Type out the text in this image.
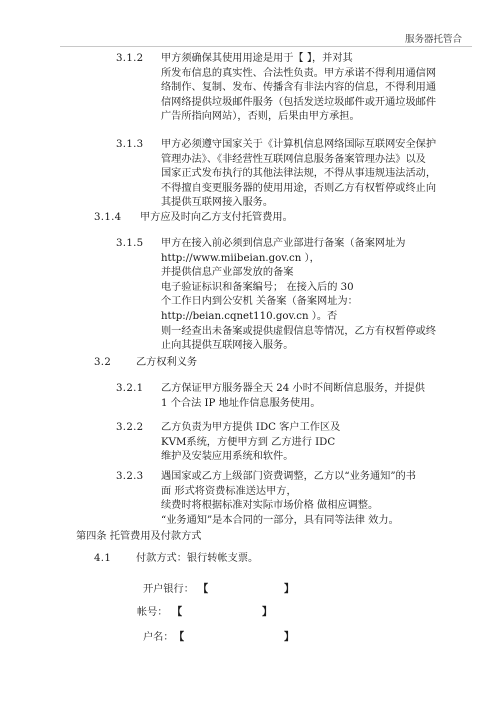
服务器托管合
3.1.2 甲方须确保其使用用途是用于【 】，并对其
所发布信息的真实性、合法性负责。甲方承诺不得利用通信网
络制作、复制、发布、传播含有非法内容的信息，不得利用通
信网络提供垃圾邮件服务（包括发送垃圾邮件或开通垃圾邮件
广告所指向网站），否则，后果由甲方承担。
3.1.3 甲方必须遵守国家关于《计算机信息网络国际互联网安全保护
管理办法》、《非经营性互联网信息服务备案管理办法》以及
国家正式发布执行的其他法律法规，不得从事违规违法活动，
不得擅自变更服务器的使用用途，否则乙方有权暂停或终止向
其提供互联网接入服务。
3.1.4 甲方应及时向乙方支付托管费用。
3.1.5 甲方在接入前必须到信息产业部进行备案（备案网址为
http://www.miibeian.gov.cn ），
并提供信息产业部发放的备案
电子验证标识和备案编号； 在接入后的 30
个工作日内到公安机 关备案（备案网址为：
http://beian.cqnet110.gov.cn ）。否
则一经查出未备案或提供虚假信息等情况，乙方有权暂停或终
止向其提供互联网接入服务。
3.2 乙方权利义务
3.2.1 乙方保证甲方服务器全天 24 小时不间断信息服务，并提供
1 个合法 IP 地址作信息服务使用。
3.2.2 乙方负责为甲方提供 IDC 客户工作区及
KVM系统，方便甲方到 乙方进行 IDC
维护及安装应用系统和软件。
3.2.3 遇国家或乙方上级部门资费调整，乙方以“业务通知”的书
面 形式将资费标准送达甲方，
续费时将根据标准对实际市场价格 做相应调整。
“业务通知”是本合同的一部分，具有同等法律 效力。
第四条 托管费用及付款方式
4.1 付款方式：银行转帐支票。
开户银行： 【	】
帐号： 【	】
户名： 【	】
